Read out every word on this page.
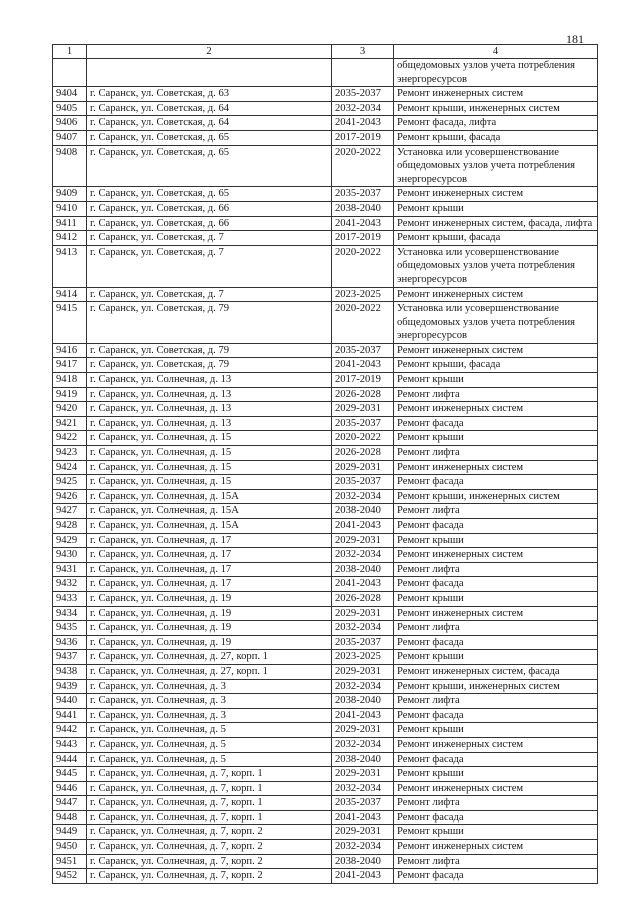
181
1	2	3	4
			общедомовых узлов учета потребления энергоресурсов
9404	г. Саранск, ул. Советская, д. 63	2035-2037	Ремонт инженерных систем
9405	г. Саранск, ул. Советская, д. 64	2032-2034	Ремонт крыши, инженерных систем
9406	г. Саранск, ул. Советская, д. 64	2041-2043	Ремонт фасада, лифта
9407	г. Саранск, ул. Советская, д. 65	2017-2019	Ремонт крыши, фасада
9408	г. Саранск, ул. Советская, д. 65	2020-2022	Установка или усовершенствование общедомовых узлов учета потребления энергоресурсов
9409	г. Саранск, ул. Советская, д. 65	2035-2037	Ремонт инженерных систем
9410	г. Саранск, ул. Советская, д. 66	2038-2040	Ремонт крыши
9411	г. Саранск, ул. Советская, д. 66	2041-2043	Ремонт инженерных систем, фасада, лифта
9412	г. Саранск, ул. Советская, д. 7	2017-2019	Ремонт крыши, фасада
9413	г. Саранск, ул. Советская, д. 7	2020-2022	Установка или усовершенствование общедомовых узлов учета потребления энергоресурсов
9414	г. Саранск, ул. Советская, д. 7	2023-2025	Ремонт инженерных систем
9415	г. Саранск, ул. Советская, д. 79	2020-2022	Установка или усовершенствование общедомовых узлов учета потребления энергоресурсов
9416	г. Саранск, ул. Советская, д. 79	2035-2037	Ремонт инженерных систем
9417	г. Саранск, ул. Советская, д. 79	2041-2043	Ремонт крыши, фасада
9418	г. Саранск, ул. Солнечная, д. 13	2017-2019	Ремонт крыши
9419	г. Саранск, ул. Солнечная, д. 13	2026-2028	Ремонт лифта
9420	г. Саранск, ул. Солнечная, д. 13	2029-2031	Ремонт инженерных систем
9421	г. Саранск, ул. Солнечная, д. 13	2035-2037	Ремонт фасада
9422	г. Саранск, ул. Солнечная, д. 15	2020-2022	Ремонт крыши
9423	г. Саранск, ул. Солнечная, д. 15	2026-2028	Ремонт лифта
9424	г. Саранск, ул. Солнечная, д. 15	2029-2031	Ремонт инженерных систем
9425	г. Саранск, ул. Солнечная, д. 15	2035-2037	Ремонт фасада
9426	г. Саранск, ул. Солнечная, д. 15А	2032-2034	Ремонт крыши, инженерных систем
9427	г. Саранск, ул. Солнечная, д. 15А	2038-2040	Ремонт лифта
9428	г. Саранск, ул. Солнечная, д. 15А	2041-2043	Ремонт фасада
9429	г. Саранск, ул. Солнечная, д. 17	2029-2031	Ремонт крыши
9430	г. Саранск, ул. Солнечная, д. 17	2032-2034	Ремонт инженерных систем
9431	г. Саранск, ул. Солнечная, д. 17	2038-2040	Ремонт лифта
9432	г. Саранск, ул. Солнечная, д. 17	2041-2043	Ремонт фасада
9433	г. Саранск, ул. Солнечная, д. 19	2026-2028	Ремонт крыши
9434	г. Саранск, ул. Солнечная, д. 19	2029-2031	Ремонт инженерных систем
9435	г. Саранск, ул. Солнечная, д. 19	2032-2034	Ремонт лифта
9436	г. Саранск, ул. Солнечная, д. 19	2035-2037	Ремонт фасада
9437	г. Саранск, ул. Солнечная, д. 27, корп. 1	2023-2025	Ремонт крыши
9438	г. Саранск, ул. Солнечная, д. 27, корп. 1	2029-2031	Ремонт инженерных систем, фасада
9439	г. Саранск, ул. Солнечная, д. 3	2032-2034	Ремонт крыши, инженерных систем
9440	г. Саранск, ул. Солнечная, д. 3	2038-2040	Ремонт лифта
9441	г. Саранск, ул. Солнечная, д. 3	2041-2043	Ремонт фасада
9442	г. Саранск, ул. Солнечная, д. 5	2029-2031	Ремонт крыши
9443	г. Саранск, ул. Солнечная, д. 5	2032-2034	Ремонт инженерных систем
9444	г. Саранск, ул. Солнечная, д. 5	2038-2040	Ремонт фасада
9445	г. Саранск, ул. Солнечная, д. 7, корп. 1	2029-2031	Ремонт крыши
9446	г. Саранск, ул. Солнечная, д. 7, корп. 1	2032-2034	Ремонт инженерных систем
9447	г. Саранск, ул. Солнечная, д. 7, корп. 1	2035-2037	Ремонт лифта
9448	г. Саранск, ул. Солнечная, д. 7, корп. 1	2041-2043	Ремонт фасада
9449	г. Саранск, ул. Солнечная, д. 7, корп. 2	2029-2031	Ремонт крыши
9450	г. Саранск, ул. Солнечная, д. 7, корп. 2	2032-2034	Ремонт инженерных систем
9451	г. Саранск, ул. Солнечная, д. 7, корп. 2	2038-2040	Ремонт лифта
9452	г. Саранск, ул. Солнечная, д. 7, корп. 2	2041-2043	Ремонт фасада
